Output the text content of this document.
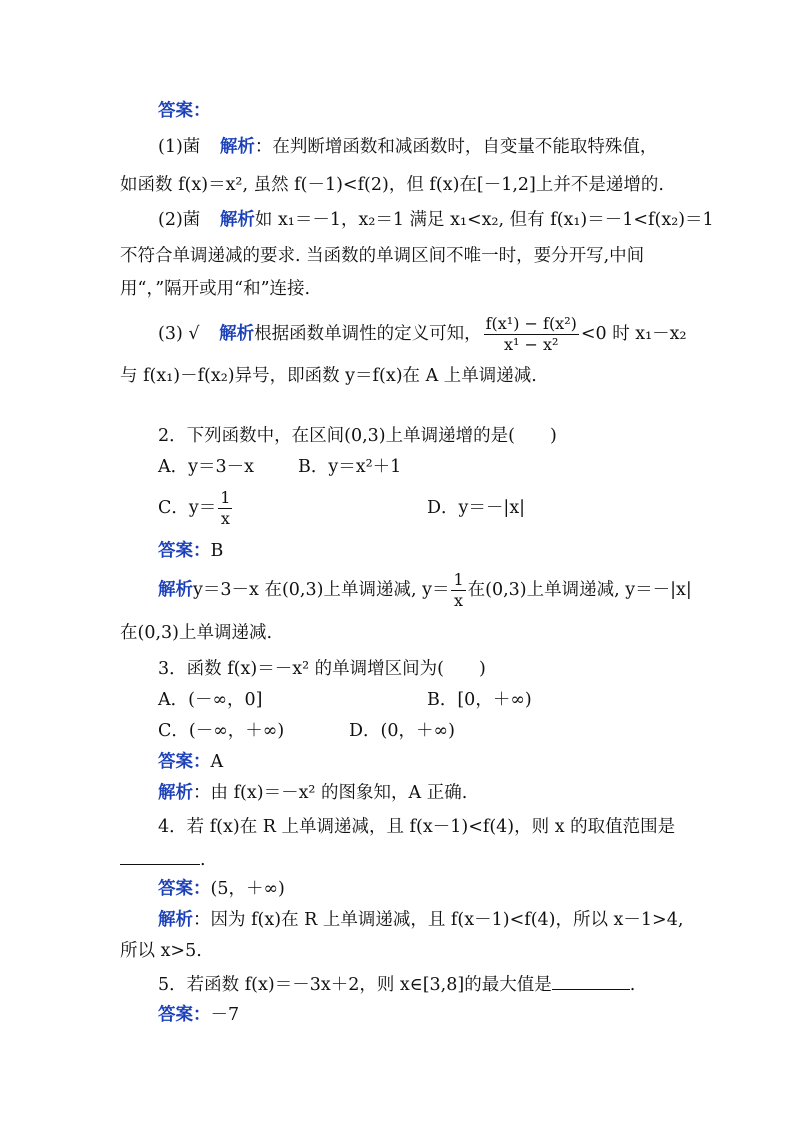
答案：
(1)菌 解析：在判断增函数和减函数时，自变量不能取特殊值，
如函数 f(x)＝x², 虽然 f(－1)<f(2)，但 f(x)在[－1,2]上并不是递增的.
(2)菌 解析如 x₁＝－1，x₂＝1 满足 x₁<x₂, 但有 f(x₁)＝－1<f(x₂)＝1
不符合单调递减的要求. 当函数的单调区间不唯一时，要分开写,中间
用“，”隔开或用“和”连接.
(3) √ 解析根据函数单调性的定义可知， $\frac{\text{f(x¹) − f(x²)}}{\text{x¹ − x²}} <0$ 时 x₁－x₂
与 f(x₁)－f(x₂)异号，即函数 y＝f(x)在 A 上单调递减.
2．下列函数中，在区间(0,3)上单调递增的是(　　)
A．y＝3－x	B．y＝x²＋1
C．$y= \frac{1}{x}$	D．y＝－|x|
答案：B
解析y＝3－x 在(0,3)上单调递减, $y= \frac{1}{x}$ 在(0,3)上单调递减, y＝－|x|
在(0,3)上单调递减.
3．函数 f(x)＝－x² 的单调增区间为(　　)
A．(－∞，0]	B．[0，＋∞)
C．(－∞，＋∞)	D．(0，＋∞)
答案：A
解析：由 f(x)＝－x² 的图象知，A 正确.
4．若 f(x)在 R 上单调递减，且 f(x－1)<f(4)，则 x 的取值范围是
.
答案：(5，＋∞)
解析：因为 f(x)在 R 上单调递减，且 f(x－1)<f(4)，所以 x－1>4,
所以 x>5.
5．若函数 f(x)＝－3x＋2，则 x∈[3,8]的最大值是	.
答案：－7
